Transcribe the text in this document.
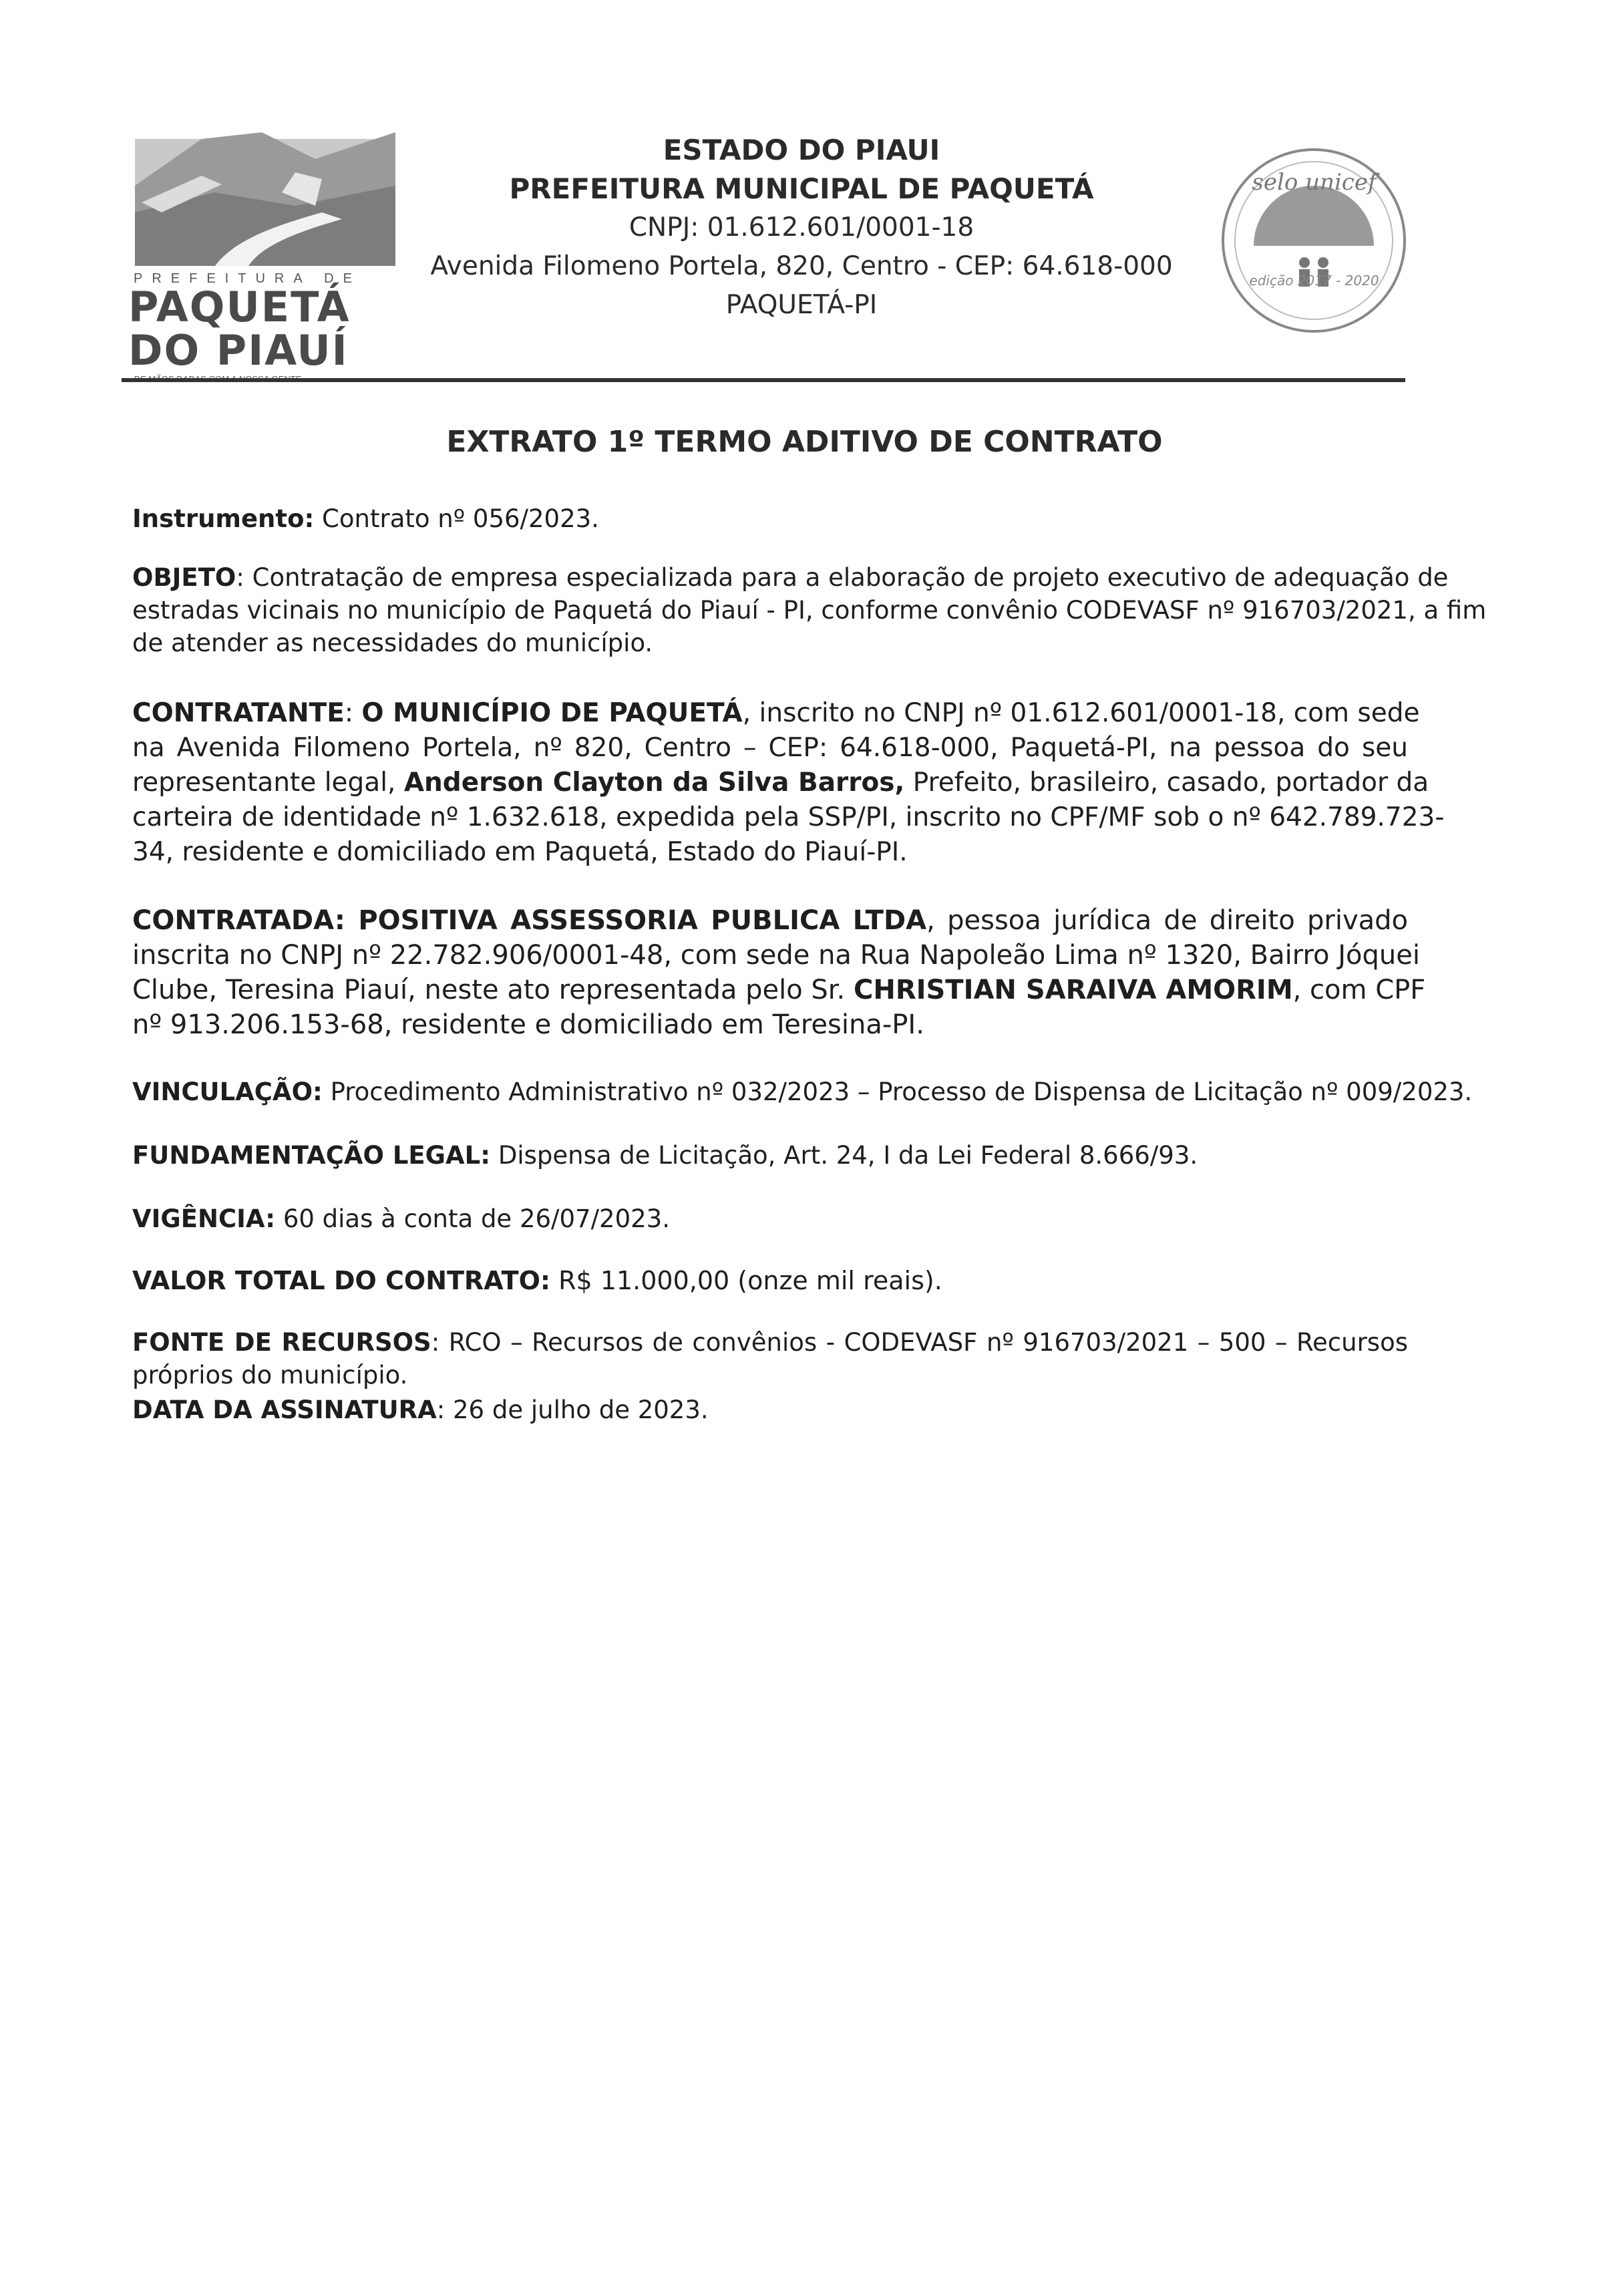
PREFEITURA DE
PAQUETÁ
DO PIAUÍ
ESTADO DO PIAUI
PREFEITURA MUNICIPAL DE PAQUETÁ
CNPJ: 01.612.601/0001-18
Avenida Filomeno Portela, 820, Centro - CEP: 64.618-000
PAQUETÁ-PI
selo unicef
edição 2017 - 2020
EXTRATO 1º TERMO ADITIVO DE CONTRATO
Instrumento: Contrato nº 056/2023.
OBJETO: Contratação de empresa especializada para a elaboração de projeto executivo de adequação de
estradas vicinais no município de Paquetá do Piauí - PI, conforme convênio CODEVASF nº 916703/2021, a fim
de atender as necessidades do município.
CONTRATANTE: O MUNICÍPIO DE PAQUETÁ, inscrito no CNPJ nº 01.612.601/0001-18, com sede
na Avenida Filomeno Portela, nº 820, Centro – CEP: 64.618-000, Paquetá-PI, na pessoa do seu
representante legal, Anderson Clayton da Silva Barros, Prefeito, brasileiro, casado, portador da
carteira de identidade nº 1.632.618, expedida pela SSP/PI, inscrito no CPF/MF sob o nº 642.789.723-
34, residente e domiciliado em Paquetá, Estado do Piauí-PI.
CONTRATADA: POSITIVA ASSESSORIA PUBLICA LTDA, pessoa jurídica de direito privado
inscrita no CNPJ nº 22.782.906/0001-48, com sede na Rua Napoleão Lima nº 1320, Bairro Jóquei
Clube, Teresina Piauí, neste ato representada pelo Sr. CHRISTIAN SARAIVA AMORIM, com CPF
nº 913.206.153-68, residente e domiciliado em Teresina-PI.
VINCULAÇÃO: Procedimento Administrativo nº 032/2023 – Processo de Dispensa de Licitação nº 009/2023.
FUNDAMENTAÇÃO LEGAL: Dispensa de Licitação, Art. 24, I da Lei Federal 8.666/93.
VIGÊNCIA: 60 dias à conta de 26/07/2023.
VALOR TOTAL DO CONTRATO: R$ 11.000,00 (onze mil reais).
FONTE DE RECURSOS: RCO – Recursos de convênios - CODEVASF nº 916703/2021 – 500 – Recursos
próprios do município.
DATA DA ASSINATURA: 26 de julho de 2023.
